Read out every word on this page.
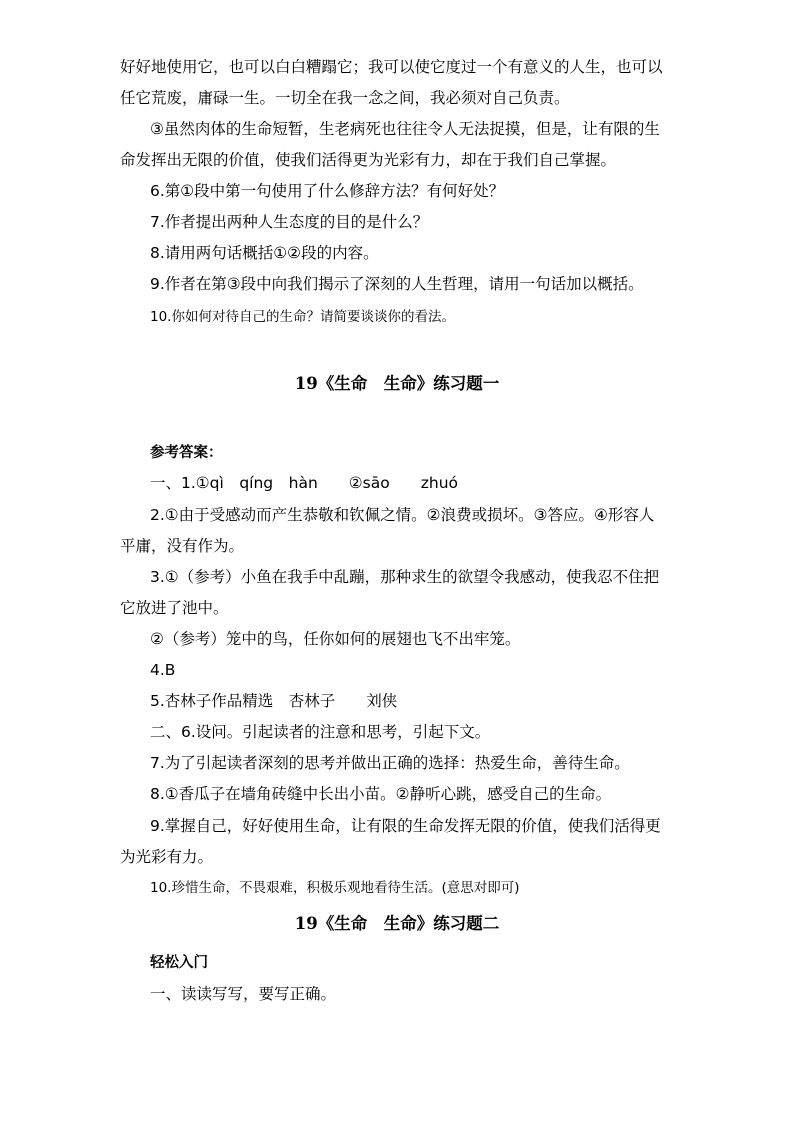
好好地使用它，也可以白白糟蹋它；我可以使它度过一个有意义的人生，也可以
任它荒废，庸碌一生。一切全在我一念之间，我必须对自己负责。
③虽然肉体的生命短暂，生老病死也往往令人无法捉摸，但是，让有限的生
命发挥出无限的价值，使我们活得更为光彩有力，却在于我们自己掌握。
6.第①段中第一句使用了什么修辞方法？有何好处？
7.作者提出两种人生态度的目的是什么？
8.请用两句话概括①②段的内容。
9.作者在第③段中向我们揭示了深刻的人生哲理，请用一句话加以概括。
10.你如何对待自己的生命？请简要谈谈你的看法。
19《生命　生命》练习题一
参考答案：
一、1.①qì　qíng　hàn　　②sāo　　zhuó
2.①由于受感动而产生恭敬和钦佩之情。②浪费或损坏。③答应。④形容人
平庸，没有作为。
3.①（参考）小鱼在我手中乱蹦，那种求生的欲望令我感动，使我忍不住把
它放进了池中。
②（参考）笼中的鸟，任你如何的展翅也飞不出牢笼。
4.B
5.杏林子作品精选　杏林子　　刘侠
二、6.设问。引起读者的注意和思考，引起下文。
7.为了引起读者深刻的思考并做出正确的选择：热爱生命，善待生命。
8.①香瓜子在墙角砖缝中长出小苗。②静听心跳，感受自己的生命。
9.掌握自己，好好使用生命，让有限的生命发挥无限的价值，使我们活得更
为光彩有力。
10.珍惜生命，不畏艰难，积极乐观地看待生活。(意思对即可)
19《生命　生命》练习题二
轻松入门
一、读读写写，要写正确。
